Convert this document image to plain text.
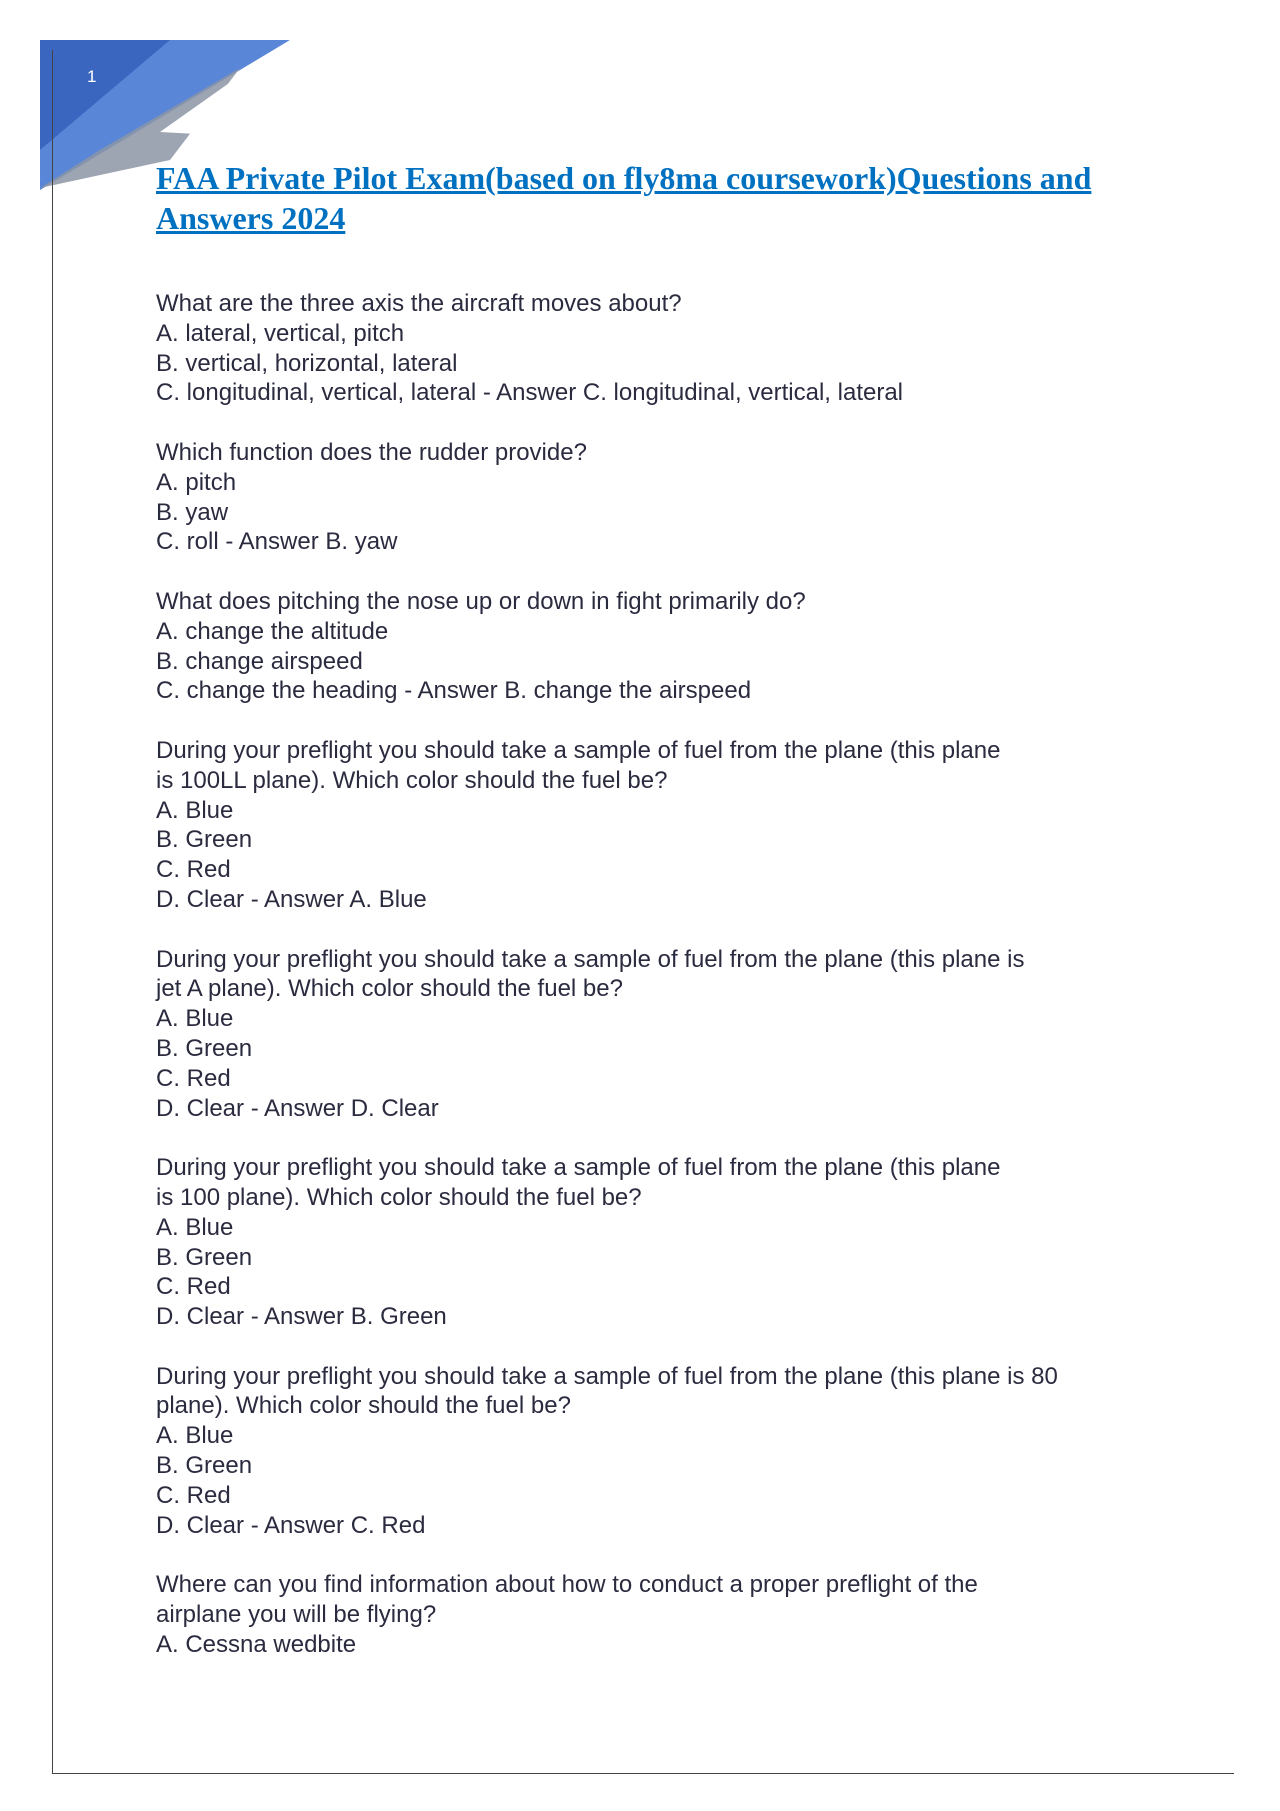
1
FAA Private Pilot Exam(based on fly8ma coursework)Questions and Answers 2024
What are the three axis the aircraft moves about?
A. lateral, vertical, pitch
B. vertical, horizontal, lateral
C. longitudinal, vertical, lateral - Answer C. longitudinal, vertical, lateral
Which function does the rudder provide?
A. pitch
B. yaw
C. roll - Answer B. yaw
What does pitching the nose up or down in fight primarily do?
A. change the altitude
B. change airspeed
C. change the heading - Answer B. change the airspeed
During your preflight you should take a sample of fuel from the plane (this plane
is 100LL plane). Which color should the fuel be?
A. Blue
B. Green
C. Red
D. Clear - Answer A. Blue
During your preflight you should take a sample of fuel from the plane (this plane is
jet A plane). Which color should the fuel be?
A. Blue
B. Green
C. Red
D. Clear - Answer D. Clear
During your preflight you should take a sample of fuel from the plane (this plane
is 100 plane). Which color should the fuel be?
A. Blue
B. Green
C. Red
D. Clear - Answer B. Green
During your preflight you should take a sample of fuel from the plane (this plane is 80
plane). Which color should the fuel be?
A. Blue
B. Green
C. Red
D. Clear - Answer C. Red
Where can you find information about how to conduct a proper preflight of the
airplane you will be flying?
A. Cessna wedbite
